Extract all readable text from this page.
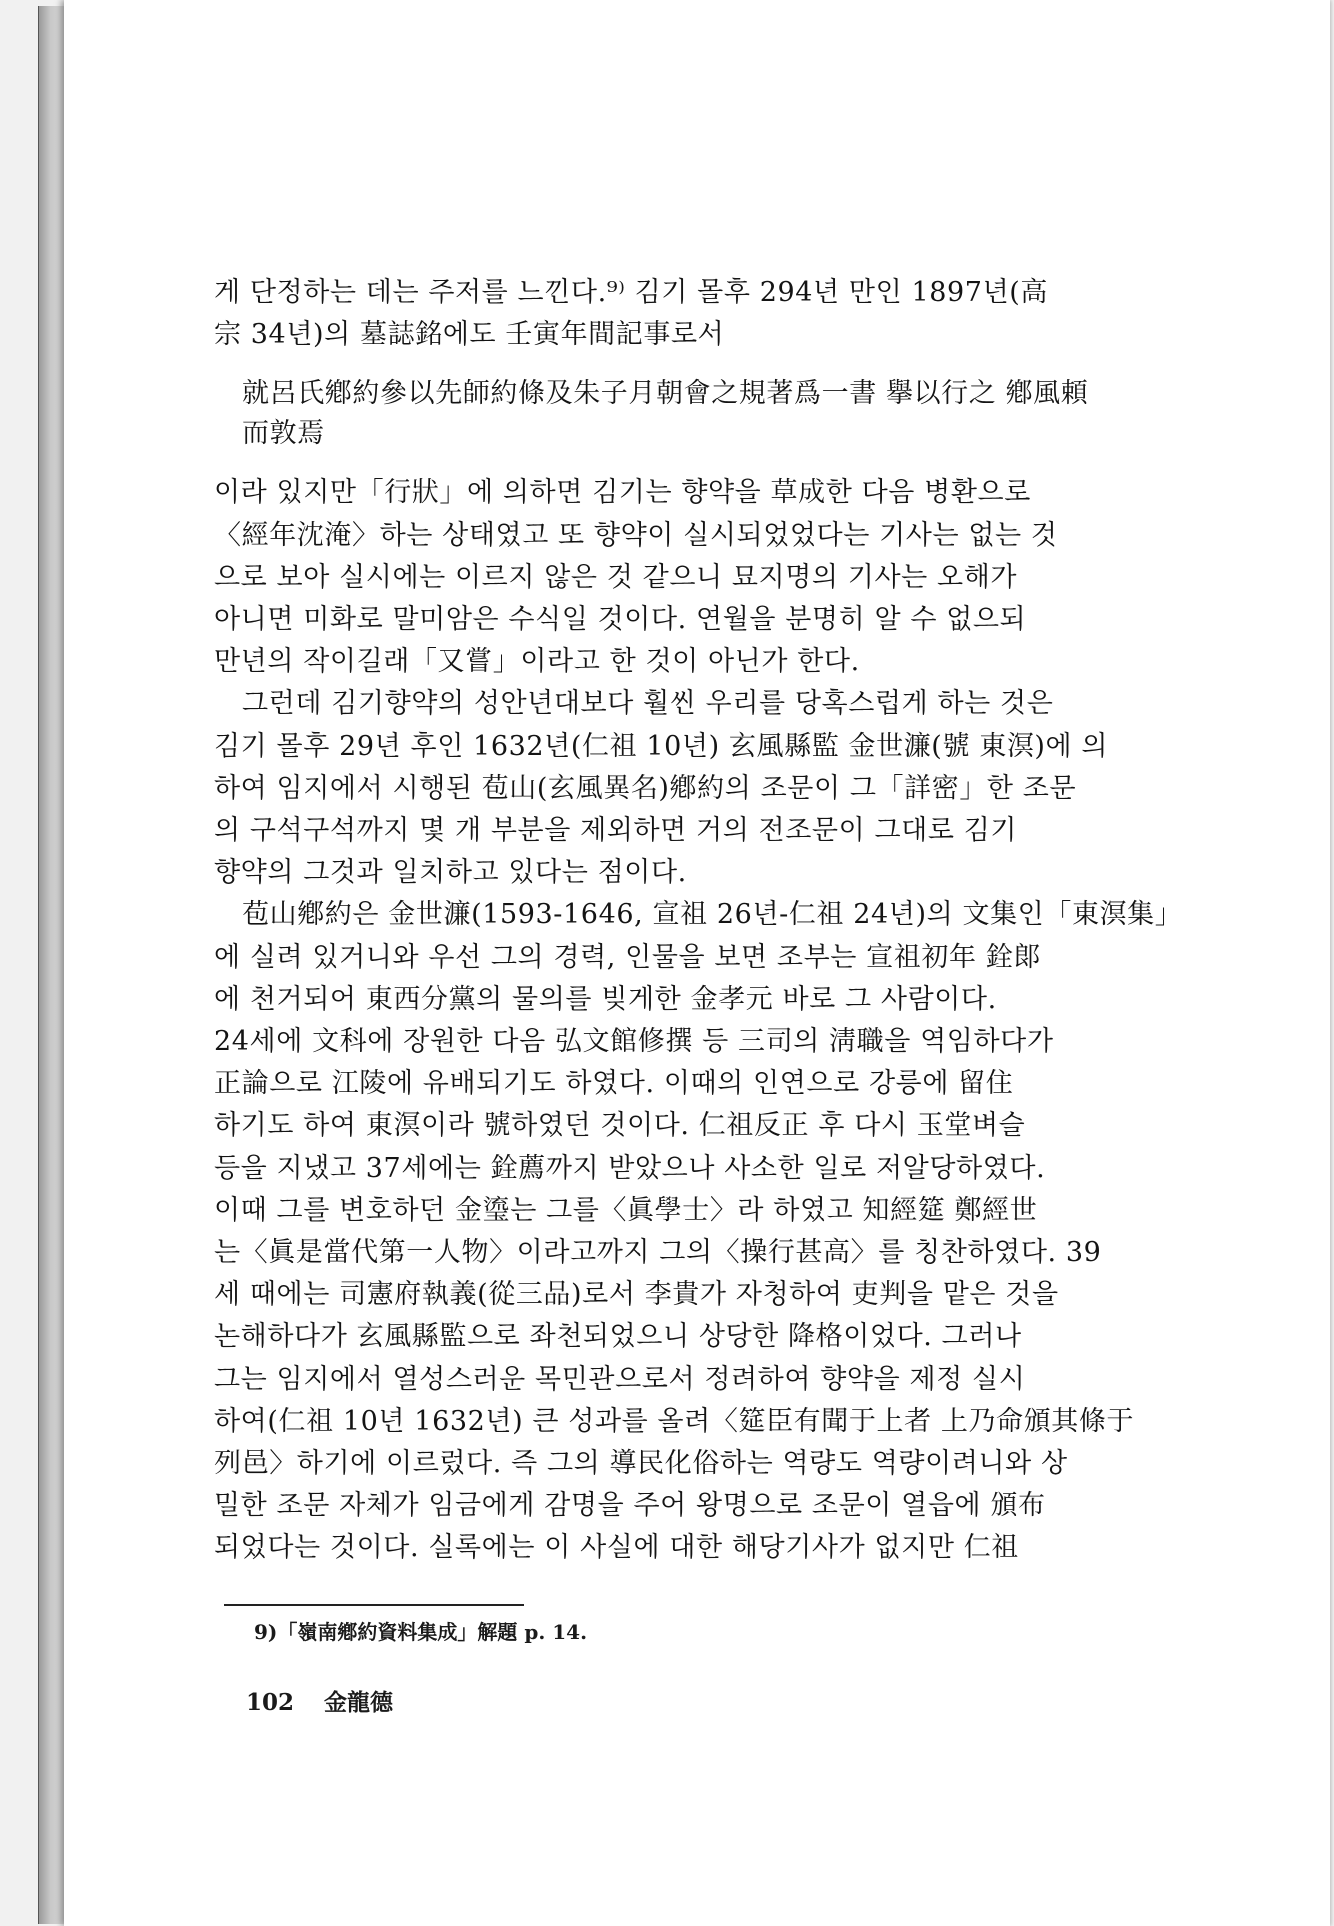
게 단정하는 데는 주저를 느낀다.⁹⁾ 김기 몰후 294년 만인 1897년(高
宗 34년)의 墓誌銘에도 壬寅年間記事로서
就呂氏鄕約參以先師約條及朱子月朝會之規著爲一書 擧以行之 鄕風頼
而敦焉
이라 있지만「行狀」에 의하면 김기는 향약을 草成한 다음 병환으로
〈經年沈淹〉하는 상태였고 또 향약이 실시되었었다는 기사는 없는 것
으로 보아 실시에는 이르지 않은 것 같으니 묘지명의 기사는 오해가
아니면 미화로 말미암은 수식일 것이다. 연월을 분명히 알 수 없으되
만년의 작이길래「又嘗」이라고 한 것이 아닌가 한다.
그런데 김기향약의 성안년대보다 훨씬 우리를 당혹스럽게 하는 것은
김기 몰후 29년 후인 1632년(仁祖 10년) 玄風縣監 金世濂(號 東溟)에 의
하여 임지에서 시행된 苞山(玄風異名)鄕約의 조문이 그「詳密」한 조문
의 구석구석까지 몇 개 부분을 제외하면 거의 전조문이 그대로 김기
향약의 그것과 일치하고 있다는 점이다.
苞山鄕約은 金世濂(1593-1646, 宣祖 26년-仁祖 24년)의 文集인「東溟集」
에 실려 있거니와 우선 그의 경력, 인물을 보면 조부는 宣祖初年 銓郞
에 천거되어 東西分黨의 물의를 빚게한 金孝元 바로 그 사람이다.
24세에 文科에 장원한 다음 弘文館修撰 등 三司의 淸職을 역임하다가
正論으로 江陵에 유배되기도 하였다. 이때의 인연으로 강릉에 留住
하기도 하여 東溟이라 號하였던 것이다. 仁祖反正 후 다시 玉堂벼슬
등을 지냈고 37세에는 銓薦까지 받았으나 사소한 일로 저알당하였다.
이때 그를 변호하던 金瑬는 그를〈眞學士〉라 하였고 知經筵 鄭經世
는〈眞是當代第一人物〉이라고까지 그의〈操行甚高〉를 칭찬하였다. 39
세 때에는 司憲府執義(從三品)로서 李貴가 자청하여 吏判을 맡은 것을
논해하다가 玄風縣監으로 좌천되었으니 상당한 降格이었다. 그러나
그는 임지에서 열성스러운 목민관으로서 정려하여 향약을 제정 실시
하여(仁祖 10년 1632년) 큰 성과를 올려〈筵臣有聞于上者 上乃命頒其條于
列邑〉하기에 이르렀다. 즉 그의 導民化俗하는 역량도 역량이려니와 상
밀한 조문 자체가 임금에게 감명을 주어 왕명으로 조문이 열읍에 頒布
되었다는 것이다. 실록에는 이 사실에 대한 해당기사가 없지만 仁祖
9)「嶺南鄕約資料集成」解題 p. 14.
102 金龍德
